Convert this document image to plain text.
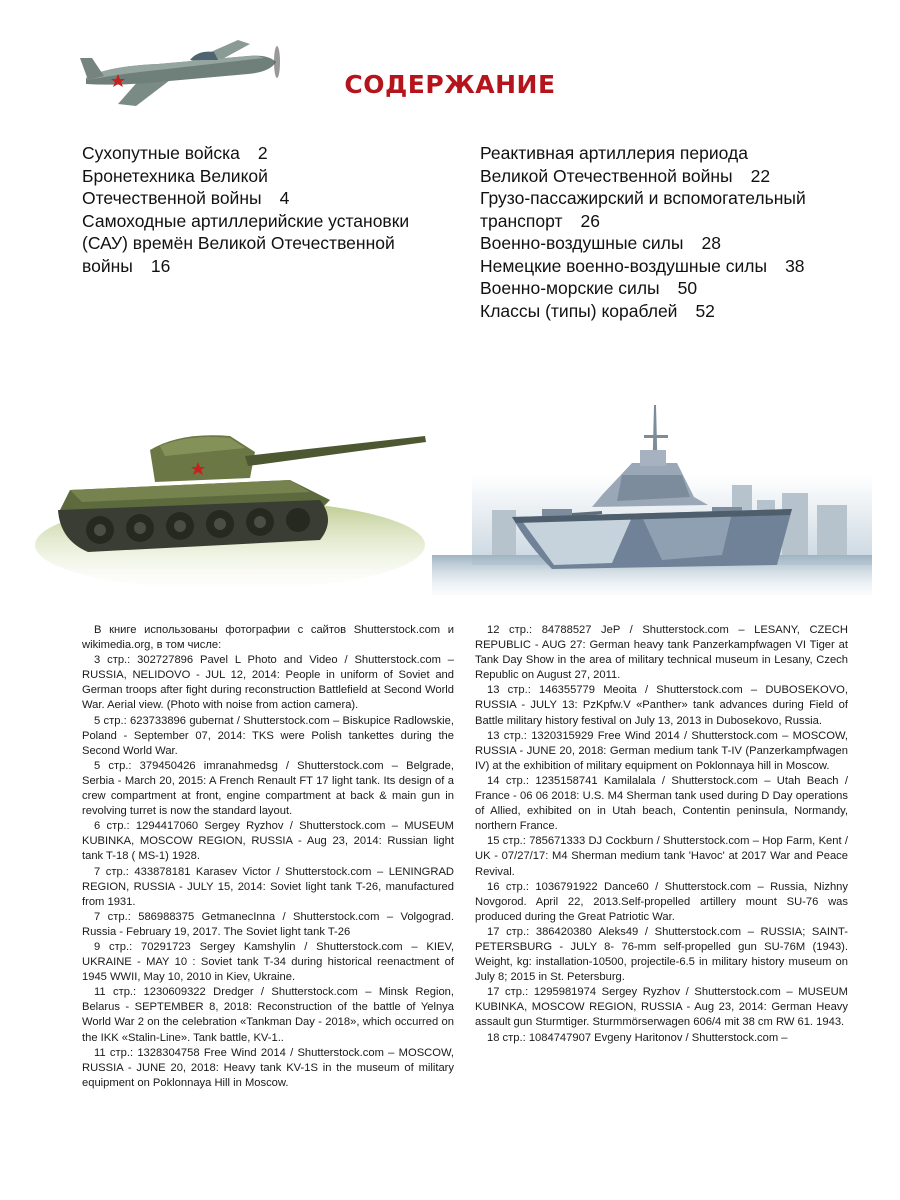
СОДЕРЖАНИЕ
Сухопутные войска 2
Бронетехника Великой
Отечественной войны 4
Самоходные артиллерийские установки
(САУ) времён Великой Отечественной
войны 16
Реактивная артиллерия периода
Великой Отечественной войны 22
Грузо-пассажирский и вспомогательный
транспорт 26
Военно-воздушные силы 28
Немецкие военно-воздушные силы 38
Военно-морские силы 50
Классы (типы) кораблей 52

В книге использованы фотографии с сайтов Shutterstock.com и wikimedia.org, в том числе:

3 стр.: 302727896 Pavel L Photo and Video / Shutterstock.com – RUSSIA, NELIDOVO - JUL 12, 2014: People in uniform of Soviet and German troops after fight during reconstruction Battlefield at Second World War. Aerial view. (Photo with noise from action camera).

5 стр.: 623733896 gubernat / Shutterstock.com – Biskupice Radlowskie, Poland - September 07, 2014: TKS were Polish tankettes during the Second World War.

5 стр.: 379450426 imranahmedsg / Shutterstock.com – Belgrade, Serbia - March 20, 2015: A French Renault FT 17 light tank. Its design of a crew compartment at front, engine compartment at back & main gun in revolving turret is now the standard layout.

6 стр.: 1294417060 Sergey Ryzhov / Shutterstock.com – MUSEUM KUBINKA, MOSCOW REGION, RUSSIA - Aug 23, 2014: Russian light tank T-18 ( MS-1) 1928.

7 стр.: 433878181 Karasev Victor / Shutterstock.com – LENINGRAD REGION, RUSSIA - JULY 15, 2014: Soviet light tank T-26, manufactured from 1931.

7 стр.: 586988375 GetmanecInna / Shutterstock.com – Volgograd. Russia - February 19, 2017. The Soviet light tank T-26

9 стр.: 70291723 Sergey Kamshylin / Shutterstock.com – KIEV, UKRAINE - MAY 10 : Soviet tank T-34 during historical reenactment of 1945 WWII, May 10, 2010 in Kiev, Ukraine.

11 стр.: 1230609322 Dredger / Shutterstock.com – Minsk Region, Belarus - SEPTEMBER 8, 2018: Reconstruction of the battle of Yelnya World War 2 on the celebration «Tankman Day - 2018», which occurred on the IKK «Stalin-Line». Tank battle, KV-1..

11 стр.: 1328304758 Free Wind 2014 / Shutterstock.com – MOSCOW, RUSSIA - JUNE 20, 2018: Heavy tank KV-1S in the museum of military equipment on Poklonnaya Hill in Moscow.

12 стр.: 84788527 JeP / Shutterstock.com – LESANY, CZECH REPUBLIC - AUG 27: German heavy tank Panzerkampfwagen VI Tiger at Tank Day Show in the area of military technical museum in Lesany, Czech Republic on August 27, 2011.

13 стр.: 146355779 Meoita / Shutterstock.com – DUBOSEKOVO, RUSSIA - JULY 13: PzKpfw.V «Panther» tank advances during Field of Battle military history festival on July 13, 2013 in Dubosekovo, Russia.

13 стр.: 1320315929 Free Wind 2014 / Shutterstock.com – MOSCOW, RUSSIA - JUNE 20, 2018: German medium tank T-IV (Panzerkampfwagen IV) at the exhibition of military equipment on Poklonnaya hill in Moscow.

14 стр.: 1235158741 Kamilalala / Shutterstock.com – Utah Beach / France - 06 06 2018: U.S. M4 Sherman tank used during D Day operations of Allied, exhibited on in Utah beach, Contentin peninsula, Normandy, northern France.

15 стр.: 785671333 DJ Cockburn / Shutterstock.com – Hop Farm, Kent / UK - 07/27/17: M4 Sherman medium tank 'Havoc' at 2017 War and Peace Revival.

16 стр.: 1036791922 Dance60 / Shutterstock.com – Russia, Nizhny Novgorod. April 22, 2013.Self-propelled artillery mount SU-76 was produced during the Great Patriotic War.

17 стр.: 386420380 Aleks49 / Shutterstock.com – RUSSIA; SAINT-PETERSBURG - JULY 8- 76-mm self-propelled gun SU-76M (1943). Weight, kg: installation-10500, projectile-6.5 in military history museum on July 8; 2015 in St. Petersburg.

17 стр.: 1295981974 Sergey Ryzhov / Shutterstock.com – MUSEUM KUBINKA, MOSCOW REGION, RUSSIA - Aug 23, 2014: German Heavy assault gun Sturmtiger. Sturmmörserwagen 606/4 mit 38 cm RW 61. 1943.

18 стр.: 1084747907 Evgeny Haritonov / Shutterstock.com –
